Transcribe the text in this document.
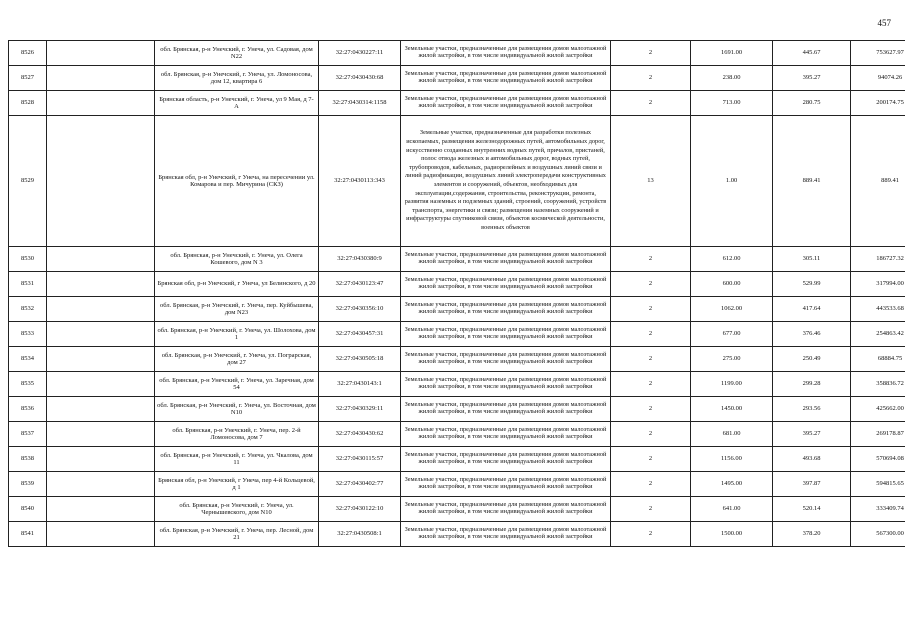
457
8526		обл. Брянская, р-н Унечский, г. Унеча, ул. Садовая, дом N22	32:27:0430227:11	Земельные участки, предназначенные для размещения домов малоэтажной жилой застройки, в том числе индивидуальной жилой застройки	2	1691.00	445.67	753627.97
8527		обл. Брянская, р-н Унечский, г. Унеча, ул. Ломоносова, дом 12, квартира 6	32:27:0430430:68	Земельные участки, предназначенные для размещения домов малоэтажной жилой застройки, в том числе индивидуальной жилой застройки	2	238.00	395.27	94074.26
8528		Брянская область, р-н Унечский, г. Унеча, ул 9 Мая, д 7-А	32:27:0430314:1158	Земельные участки, предназначенные для размещения домов малоэтажной жилой застройки, в том числе индивидуальной жилой застройки	2	713.00	280.75	200174.75
8529		Брянская обл, р-н Унечский, г Унеча, на пересечении ул. Комарова и пер. Мичурина (СКЗ)	32:27:0430113:343	Земельные участки, предназначенные для разработки полезных ископаемых, размещения железнодорожных путей, автомобильных дорог, искусственно созданных внутренних водных путей, причалов, пристаней, полос отвода железных и автомобильных дорог, водных путей, трубопроводов, кабельных, радиорелейных и воздушных линий связи и линий радиофикации, воздушных линий электропередачи конструктивных элементов и сооружений, объектов, необходимых для эксплуатации,содержания, строительства, реконструкции, ремонта, развития наземных и подземных зданий, строений, сооружений, устройств транспорта, энергетики и связи; размещения наземных сооружений и инфраструктуры спутниковой связи, объектов космической деятельности, военных объектов	13	1.00	889.41	889.41
8530		обл. Брянская, р-н Унечский, г. Унеча, ул. Олега Кошевого, дом N 3	32:27:0430380:9	Земельные участки, предназначенные для размещения домов малоэтажной жилой застройки, в том числе индивидуальной жилой застройки	2	612.00	305.11	186727.32
8531		Брянская обл, р-н Унечский, г Унеча, ул Белинского, д 20	32:27:0430123:47	Земельные участки, предназначенные для размещения домов малоэтажной жилой застройки, в том числе индивидуальной жилой застройки	2	600.00	529.99	317994.00
8532		обл. Брянская, р-н Унечский, г. Унеча, пер. Куйбышева, дом N23	32:27:0430356:10	Земельные участки, предназначенные для размещения домов малоэтажной жилой застройки, в том числе индивидуальной жилой застройки	2	1062.00	417.64	443533.68
8533		обл. Брянская, р-н Унечский, г. Унеча, ул. Шолохова, дом 1	32:27:0430457:31	Земельные участки, предназначенные для размещения домов малоэтажной жилой застройки, в том числе индивидуальной жилой застройки	2	677.00	376.46	254863.42
8534		обл. Брянская, р-н Унечский, г. Унеча, ул. Пограрская, дом 27	32:27:0430505:18	Земельные участки, предназначенные для размещения домов малоэтажной жилой застройки, в том числе индивидуальной жилой застройки	2	275.00	250.49	68884.75
8535		обл. Брянская, р-н Унечский, г. Унеча, ул. Заречная, дом 54	32:27:0430143:1	Земельные участки, предназначенные для размещения домов малоэтажной жилой застройки, в том числе индивидуальной жилой застройки	2	1199.00	299.28	358836.72
8536		обл. Брянская, р-н Унечский, г. Унеча, ул. Восточная, дом N10	32:27:0430329:11	Земельные участки, предназначенные для размещения домов малоэтажной жилой застройки, в том числе индивидуальной жилой застройки	2	1450.00	293.56	425662.00
8537		обл. Брянская, р-н Унечский, г. Унеча, пер. 2-й Ломоносова, дом 7	32:27:0430430:62	Земельные участки, предназначенные для размещения домов малоэтажной жилой застройки, в том числе индивидуальной жилой застройки	2	681.00	395.27	269178.87
8538		обл. Брянская, р-н Унечский, г. Унеча, ул. Чкалова, дом 11	32:27:0430115:57	Земельные участки, предназначенные для размещения домов малоэтажной жилой застройки, в том числе индивидуальной жилой застройки	2	1156.00	493.68	570694.08
8539		Брянская обл, р-н Унечский, г Унеча, пер 4-й Кольцевой, д 1	32:27:0430402:77	Земельные участки, предназначенные для размещения домов малоэтажной жилой застройки, в том числе индивидуальной жилой застройки	2	1495.00	397.87	594815.65
8540		обл. Брянская, р-н Унечский, г. Унеча, ул. Чернышевского, дом N10	32:27:0430122:10	Земельные участки, предназначенные для размещения домов малоэтажной жилой застройки, в том числе индивидуальной жилой застройки	2	641.00	520.14	333409.74
8541		обл. Брянская, р-н Унечский, г. Унеча, пер. Лесной, дом 21	32:27:0430508:1	Земельные участки, предназначенные для размещения домов малоэтажной жилой застройки, в том числе индивидуальной жилой застройки	2	1500.00	378.20	567300.00
